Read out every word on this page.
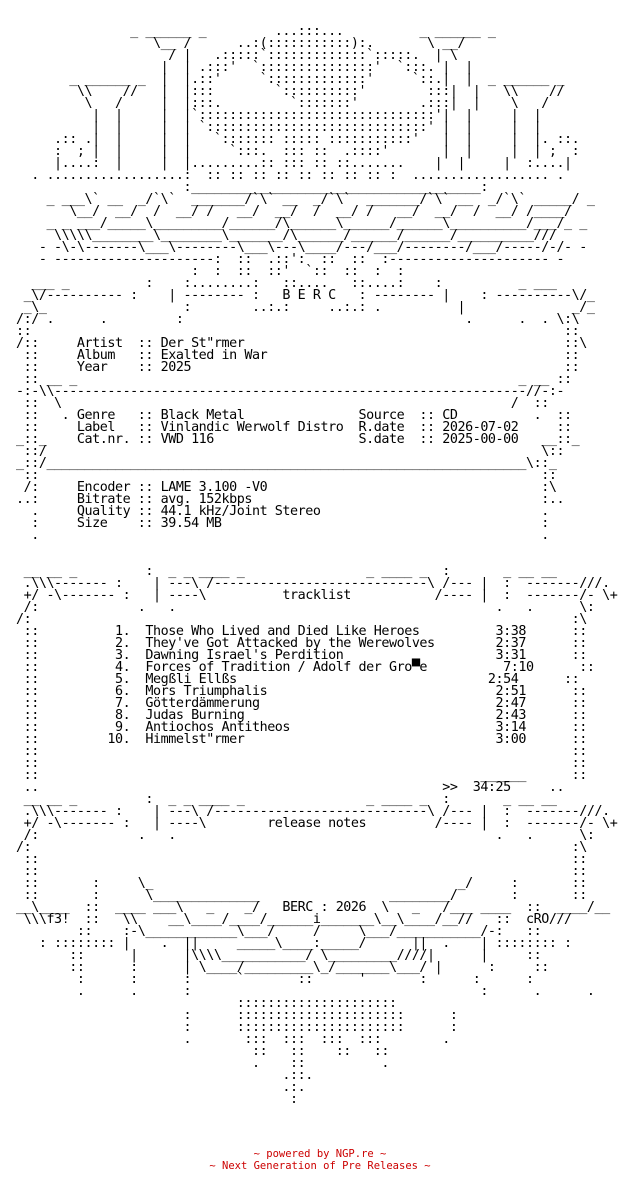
_ ______ _         ...:::...          _ ______ _
\__ /      ..:(:::::::::::):.       \ __/
/ |   .:::::`:::::::::::::`:::::.  | \
|  | .:::'  `:::::::::::::::'  `:::. |  |
_ ______ _  |  |.::'     `:::::::::::::'     `::.|  |  _ ______ _
\\    //   |  |:::        `::::::::::'        :::|  |   \\    //
\   /     |  |:::.         `:::::::'        .:::|  |    \   /
|  |     |  |`:::::::::::::::::::::::::::::::'|  |     |  |
|  |     |  | `:::::::::::::::::::::::::::::' |  |     |  |
.:: .|  |     |  |   `::::::: ::::: :::::::::::'   |  |     |  |. ::.
:  ; |  |     |  |     `:::.  ::: ::  .::::'       |  |     |  | ;  :
|....:  |     |  |.........:: ::: :: ::.......    |  |     |  :....|
. ..................:  :: :: :: :: :: :: :: :: :  .................. .
:______________________________________:
_ ___\` __  _/`\`  _______/`\` __  _/`\`  _______/`\` __  _/`\` _____/ _
\__/  __/  /  __/ /   __/  __/  /  __/ /   __/  __/  /  __/ /____/
_ _ ___/_____\_________/______/\______\______/______\__________/___/_ _
\\\\\________\________\_______/\______/______/______/__________///
- -\-\-------\___\--------\___\---\____/---/___/--------/___/-----/-/- -
- ---------------------:  ::  .::':  ::  ::  :--------------------- -
:  :  ::  ::'  `::  ::  :  :
___ _          :    :........:   ::....   ::....:    :          _ ___
_\/---------- :    | -------- :   B E R C   : -------- |    : ----------\/_
_\_                  :        ..:.:     ..:.: .          |              _/_
/:/ .      .         :                                     .      .  . \:\
::                                                                      ::
/::     Artist  :: Der St"rmer                                          ::\
::     Album   :: Exalted in War                                       ::
::     Year    :: 2025                                                 ::
:: __ _                                                          _ __ ::
-:-\\--------------------------------------------------------------//-:-
::  \                                                           /  ::
::   . Genre   :: Black Metal               Source  :: CD          .  ::
::     Label   :: Vinlandic Werwolf Distro  R.date  :: 2026-07-02     ::
_::_    Cat.nr. :: VWD 116                   S.date  :: 2025-00-00   __::_
::/                                                                 \::
_::/_______________________________________________________________\::_
::                                                                  ::
/:     Encoder :: LAME 3.100 -V0                                    :\
..:     Bitrate :: avg. 152kbps                                      :..
.     Quality :: 44.1 kHz/Joint Stereo                             .
:     Size    :: 39.54 MB                                          :
.                                                                  .
__ __ _         :  _ _ ____ _                _ ____ _  :       _ __ __
.\\\------- :    | ---\ /----------------------------\ /--- |  :  -------///.
+/ -\------- :   | ----\          tracklist           /---- |  :  -------/- \+
/:             .   .                                          .   .      \:
/:                                                                       :\
::          1.  Those Who Lived and Died Like Heroes          3:38      ::
::          2.  They've Got Attacked by the Werewolves        2:37      ::
::          3.  Dawning Israel's Perdition                    3:31      ::
::          4.  Forces of Tradition / Adolf der Gro▀e          7:10      ::
::          5.  Megßli Ellßs                                 2:54      ::
::          6.  Mors Triumphalis                              2:51      ::
::          7.  Götterdämmerung                               2:47      ::
::          8.  Judas Burning                                 2:43      ::
::          9.  Antiochos Antitheos                           3:14      ::
::         10.  Himmelst"rmer                                 3:00      ::
::                                                                      ::
::                                                                      ::
::                                                          ______      ::
..                                                     >>  34:25     ..
__ __ _         :  _ _ ____ _                _ ____ _  :       _ __ __
.\\\------- :    | ---\ /----------------------------\ /--- |  :  -------///.
+/ -\------- :   | ----\        release notes         /---- |  :  -------/- \+
/:             .   .                                          .   .      \:
/:                                                                       :\
::                                                                      ::
::                                                                      ::
::       :     \_                                        _/     :       ::
::       :      \______________                 ________/       :       ::
__\____  ::  ____ ___\   _    _/   BERC : 2026  \   _   /___ ____  ::  ____/__
\\\f3!  ::   \\    __\____/____/______i_______\__\____/__//   ::  cRO///
::    :-\____________\___/     /     \___/___________/-:   ::
: :::::::: |    .  ||     _____\____:_____/      ||  .    | :::::::: :
::      |      |\\\\___________/ \_________////|      |     ::
::      :      | \____/_________\_/_______\___/ |      :     ::
:      :      :      `       ::      '       :      :      :
.      .      :                                      :      .      .
:::::::::::::::::::::
:      ::::::::::::::::::::::      :
:      ::::::::::::::::::::::      :
.       :::  :::  :::  :::        .
::   ::    ::   ::
.    ::          .
.::.
.:.
:
~ powered by NGP.re ~
~ Next Generation of Pre Releases ~
